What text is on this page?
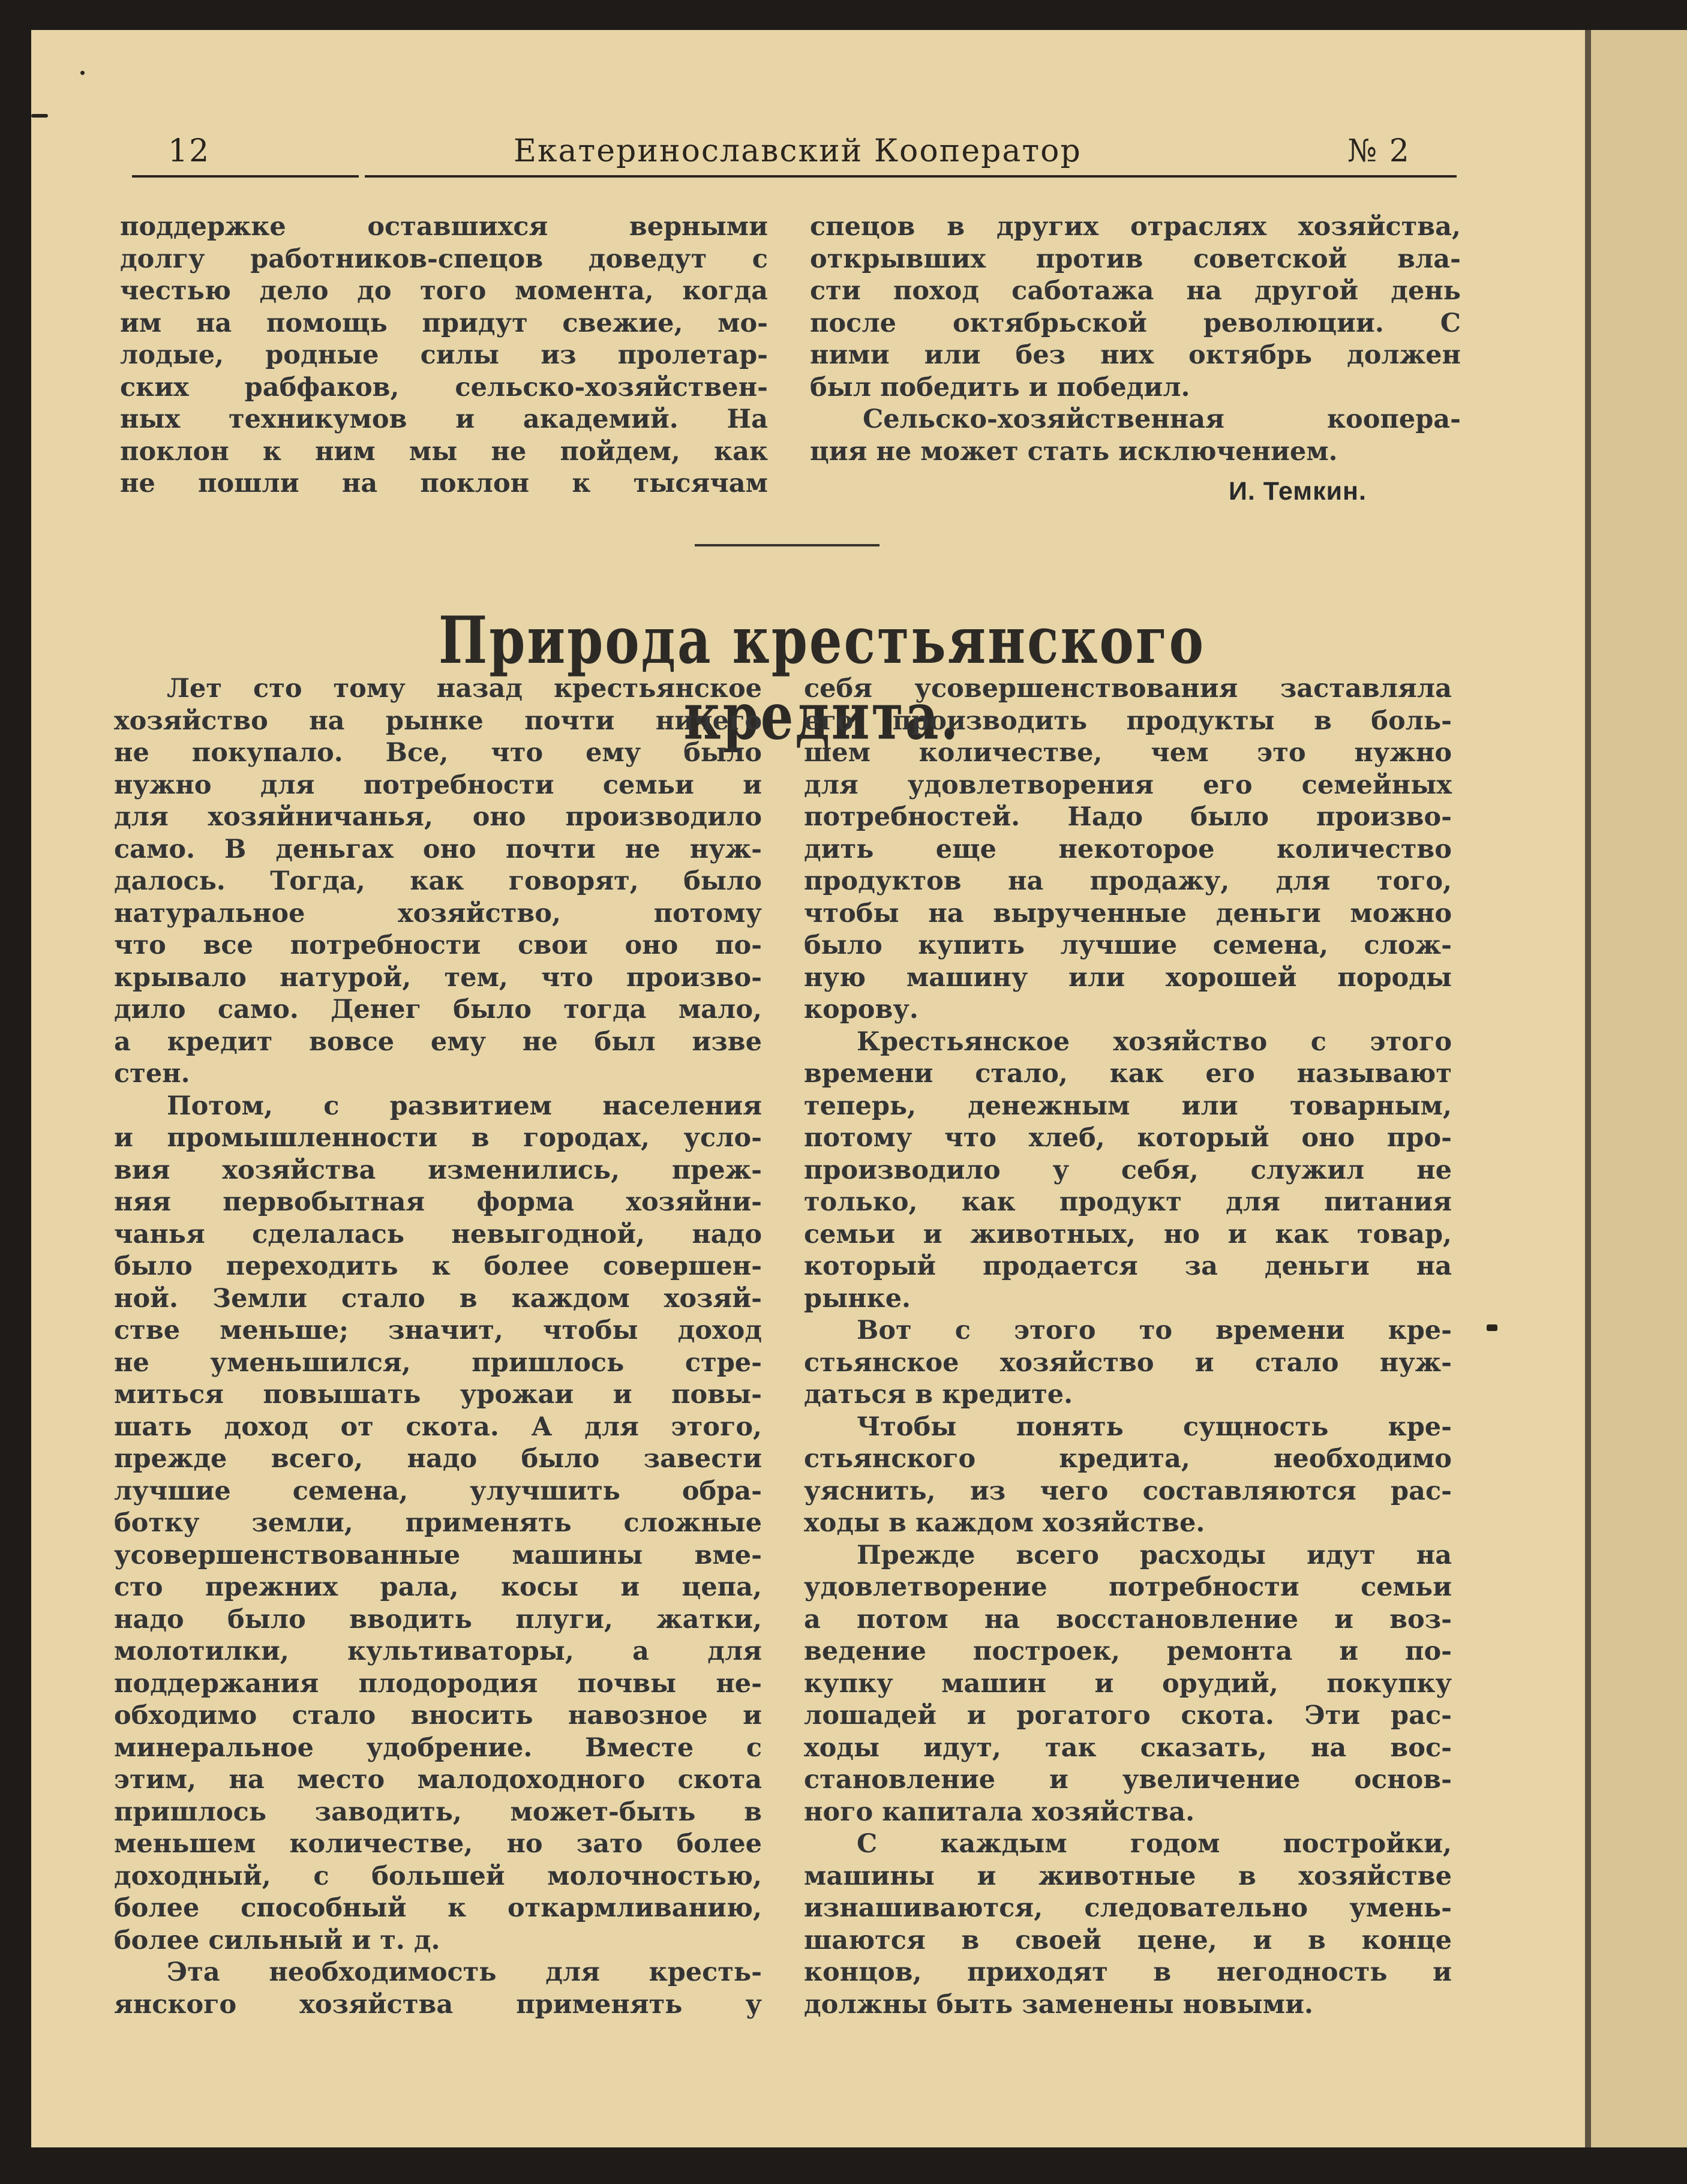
12	Екатеринославский Кооператор	№ 2
поддержке оставшихся верными
долгу работников-спецов доведут с
честью дело до того момента, когда
им на помощь придут свежие, мо-
лодые, родные силы из пролетар-
ских рабфаков, сельско-хозяйствен-
ных техникумов и академий. На
поклон к ним мы не пойдем, как
не пошли на поклон к тысячам
спецов в других отраслях хозяйства,
открывших против советской вла-
сти поход саботажа на другой день
после октябрьской революции. С
ними или без них октябрь должен
был победить и победил.
Сельско-хозяйственная коопера-
ция не может стать исключением.
И. Темкин.
Природа крестьянского кредита.
Лет сто тому назад крестьянское
хозяйство на рынке почти ничего
не покупало. Все, что ему было
нужно для потребности семьи и
для хозяйничанья, оно производило
само. В деньгах оно почти не нуж-
далось. Тогда, как говорят, было
натуральное хозяйство, потому
что все потребности свои оно по-
крывало натурой, тем, что произво-
дило само. Денег было тогда мало,
а кредит вовсе ему не был изве
стен.
Потом, с развитием населения
и промышленности в городах, усло-
вия хозяйства изменились, преж-
няя первобытная форма хозяйни-
чанья сделалась невыгодной, надо
было переходить к более совершен-
ной. Земли стало в каждом хозяй-
стве меньше; значит, чтобы доход
не уменьшился, пришлось стре-
миться повышать урожаи и повы-
шать доход от скота. А для этого,
прежде всего, надо было завести
лучшие семена, улучшить обра-
ботку земли, применять сложные
усовершенствованные машины вме-
сто прежних рала, косы и цепа,
надо было вводить плуги, жатки,
молотилки, культиваторы, а для
поддержания плодородия почвы не-
обходимо стало вносить навозное и
минеральное удобрение. Вместе с
этим, на место малодоходного скота
пришлось заводить, может-быть в
меньшем количестве, но зато более
доходный, с большей молочностью,
более способный к откармливанию,
более сильный и т. д.
Эта необходимость для кресть-
янского хозяйства применять у
себя усовершенствования заставляла
его производить продукты в боль-
шем количестве, чем это нужно
для удовлетворения его семейных
потребностей. Надо было произво-
дить еще некоторое количество
продуктов на продажу, для того,
чтобы на вырученные деньги можно
было купить лучшие семена, слож-
ную машину или хорошей породы
корову.
Крестьянское хозяйство с этого
времени стало, как его называют
теперь, денежным или товарным,
потому что хлеб, который оно про-
производило у себя, служил не
только, как продукт для питания
семьи и животных, но и как товар,
который продается за деньги на
рынке.
Вот с этого то времени кре-
стьянское хозяйство и стало нуж-
даться в кредите.
Чтобы понять сущность кре-
стьянского кредита, необходимо
уяснить, из чего составляются рас-
ходы в каждом хозяйстве.
Прежде всего расходы идут на
удовлетворение потребности семьи
а потом на восстановление и воз-
ведение построек, ремонта и по-
купку машин и орудий, покупку
лошадей и рогатого скота. Эти рас-
ходы идут, так сказать, на вос-
становление и увеличение основ-
ного капитала хозяйства.
С каждым годом постройки,
машины и животные в хозяйстве
изнашиваются, следовательно умень-
шаются в своей цене, и в конце
концов, приходят в негодность и
должны быть заменены новыми.
